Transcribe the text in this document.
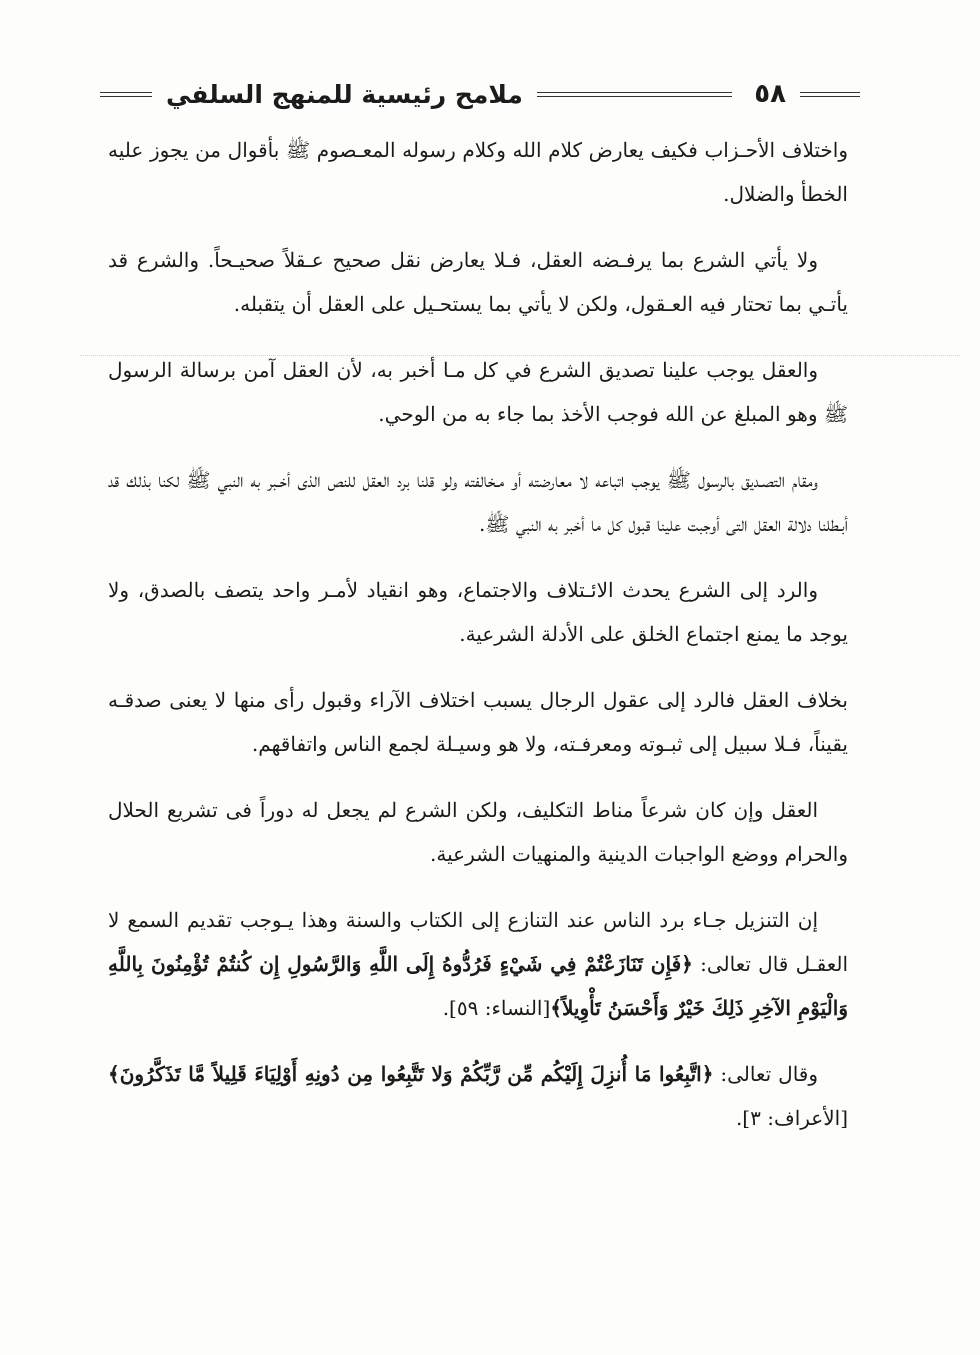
٥٨
ملامح رئيسية للمنهج السلفي

واختلاف الأحـزاب فكيف يعارض كلام الله وكلام رسوله المعـصوم ﷺ بأقوال من يجوز عليه الخطأ والضلال.

ولا يأتي الشرع بما يرفـضه العقل، فـلا يعارض نقل صحيح عـقلاً صحيـحاً. والشرع قد يأتـي بما تحتار فيه العـقول، ولكن لا يأتي بما يستحـيل على العقل أن يتقبله.

والعقل يوجب علينا تصديق الشرع في كل مـا أخبر به، لأن العقل آمن برسالة الرسول ﷺ وهو المبلغ عن الله فوجب الأخذ بما جاء به من الوحي.

ومقام التصـديق بالرسول ﷺ يوجب اتباعه لا معارضته أو مـخالفته ولو قلنا برد العقل للنص الذى أخـبر به النبي ﷺ لكنا بذلك قد أبـطلنا دلالة العقل التى أوجبت علينا قبول كل ما أخبر به النبي ﷺ.

والرد إلى الشرع يحدث الائـتلاف والاجتماع، وهو انقياد لأمـر واحد يتصف بالصدق، ولا يوجد ما يمنع اجتماع الخلق على الأدلة الشرعية.

بخلاف العقل فالرد إلى عقول الرجال يسبب اختلاف الآراء وقبول رأى منها لا يعنى صدقـه يقيناً، فـلا سبيل إلى ثبـوته ومعرفـته، ولا هو وسيـلة لجمع الناس واتفاقهم.

العقل وإن كان شرعاً مناط التكليف، ولكن الشرع لم يجعل له دوراً فى تشريع الحلال والحرام ووضع الواجبات الدينية والمنهيات الشرعية.

إن التنزيل جـاء برد الناس عند التنازع إلى الكتاب والسنة وهذا يـوجب تقديم السمع لا العقـل قال تعالى: ﴿فَإِن تَنَازَعْتُمْ فِي شَيْءٍ فَرُدُّوهُ إِلَى اللَّهِ وَالرَّسُولِ إِن كُنتُمْ تُؤْمِنُونَ بِاللَّهِ وَالْيَوْمِ الآخِرِ ذَلِكَ خَيْرٌ وَأَحْسَنُ تَأْوِيلاً﴾[النساء: ٥٩].

وقال تعالى: ﴿اتَّبِعُوا مَا أُنزِلَ إِلَيْكُم مِّن رَّبِّكُمْ وَلا تَتَّبِعُوا مِن دُونِهِ أَوْلِيَاءَ قَلِيلاً مَّا تَذَكَّرُونَ﴾[الأعراف: ٣].
